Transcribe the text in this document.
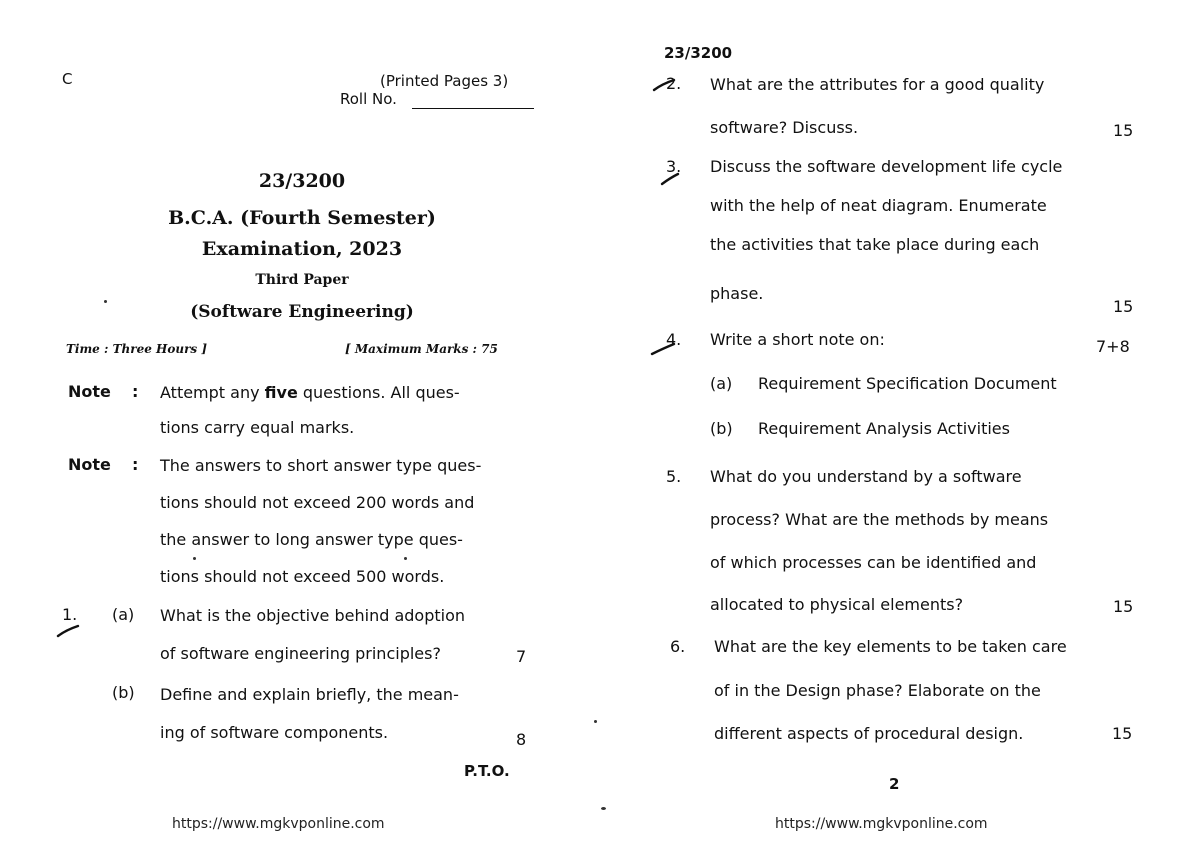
C	(Printed Pages 3)
Roll No.
23/3200
B.C.A. (Fourth Semester)
Examination, 2023
Third Paper
(Software Engineering)
Time : Three Hours ]	[ Maximum Marks : 75
Note : Attempt any five questions. All ques-
tions carry equal marks.
Note : The answers to short answer type ques-
tions should not exceed 200 words and
the answer to long answer type ques-
tions should not exceed 500 words.
1. (a) What is the objective behind adoption
of software engineering principles?	7
(b) Define and explain briefly, the mean-
ing of software components.	8
P.T.O.
https://www.mgkvponline.com
23/3200
2. What are the attributes for a good quality
software? Discuss.	15
3. Discuss the software development life cycle
with the help of neat diagram. Enumerate
the activities that take place during each
phase.
15
4. Write a short note on:	7+8
(a) Requirement Specification Document
(b) Requirement Analysis Activities
5. What do you understand by a software
process? What are the methods by means
of which processes can be identified and
allocated to physical elements?	15
6. What are the key elements to be taken care
of in the Design phase? Elaborate on the
different aspects of procedural design.	15
2
https://www.mgkvponline.com
